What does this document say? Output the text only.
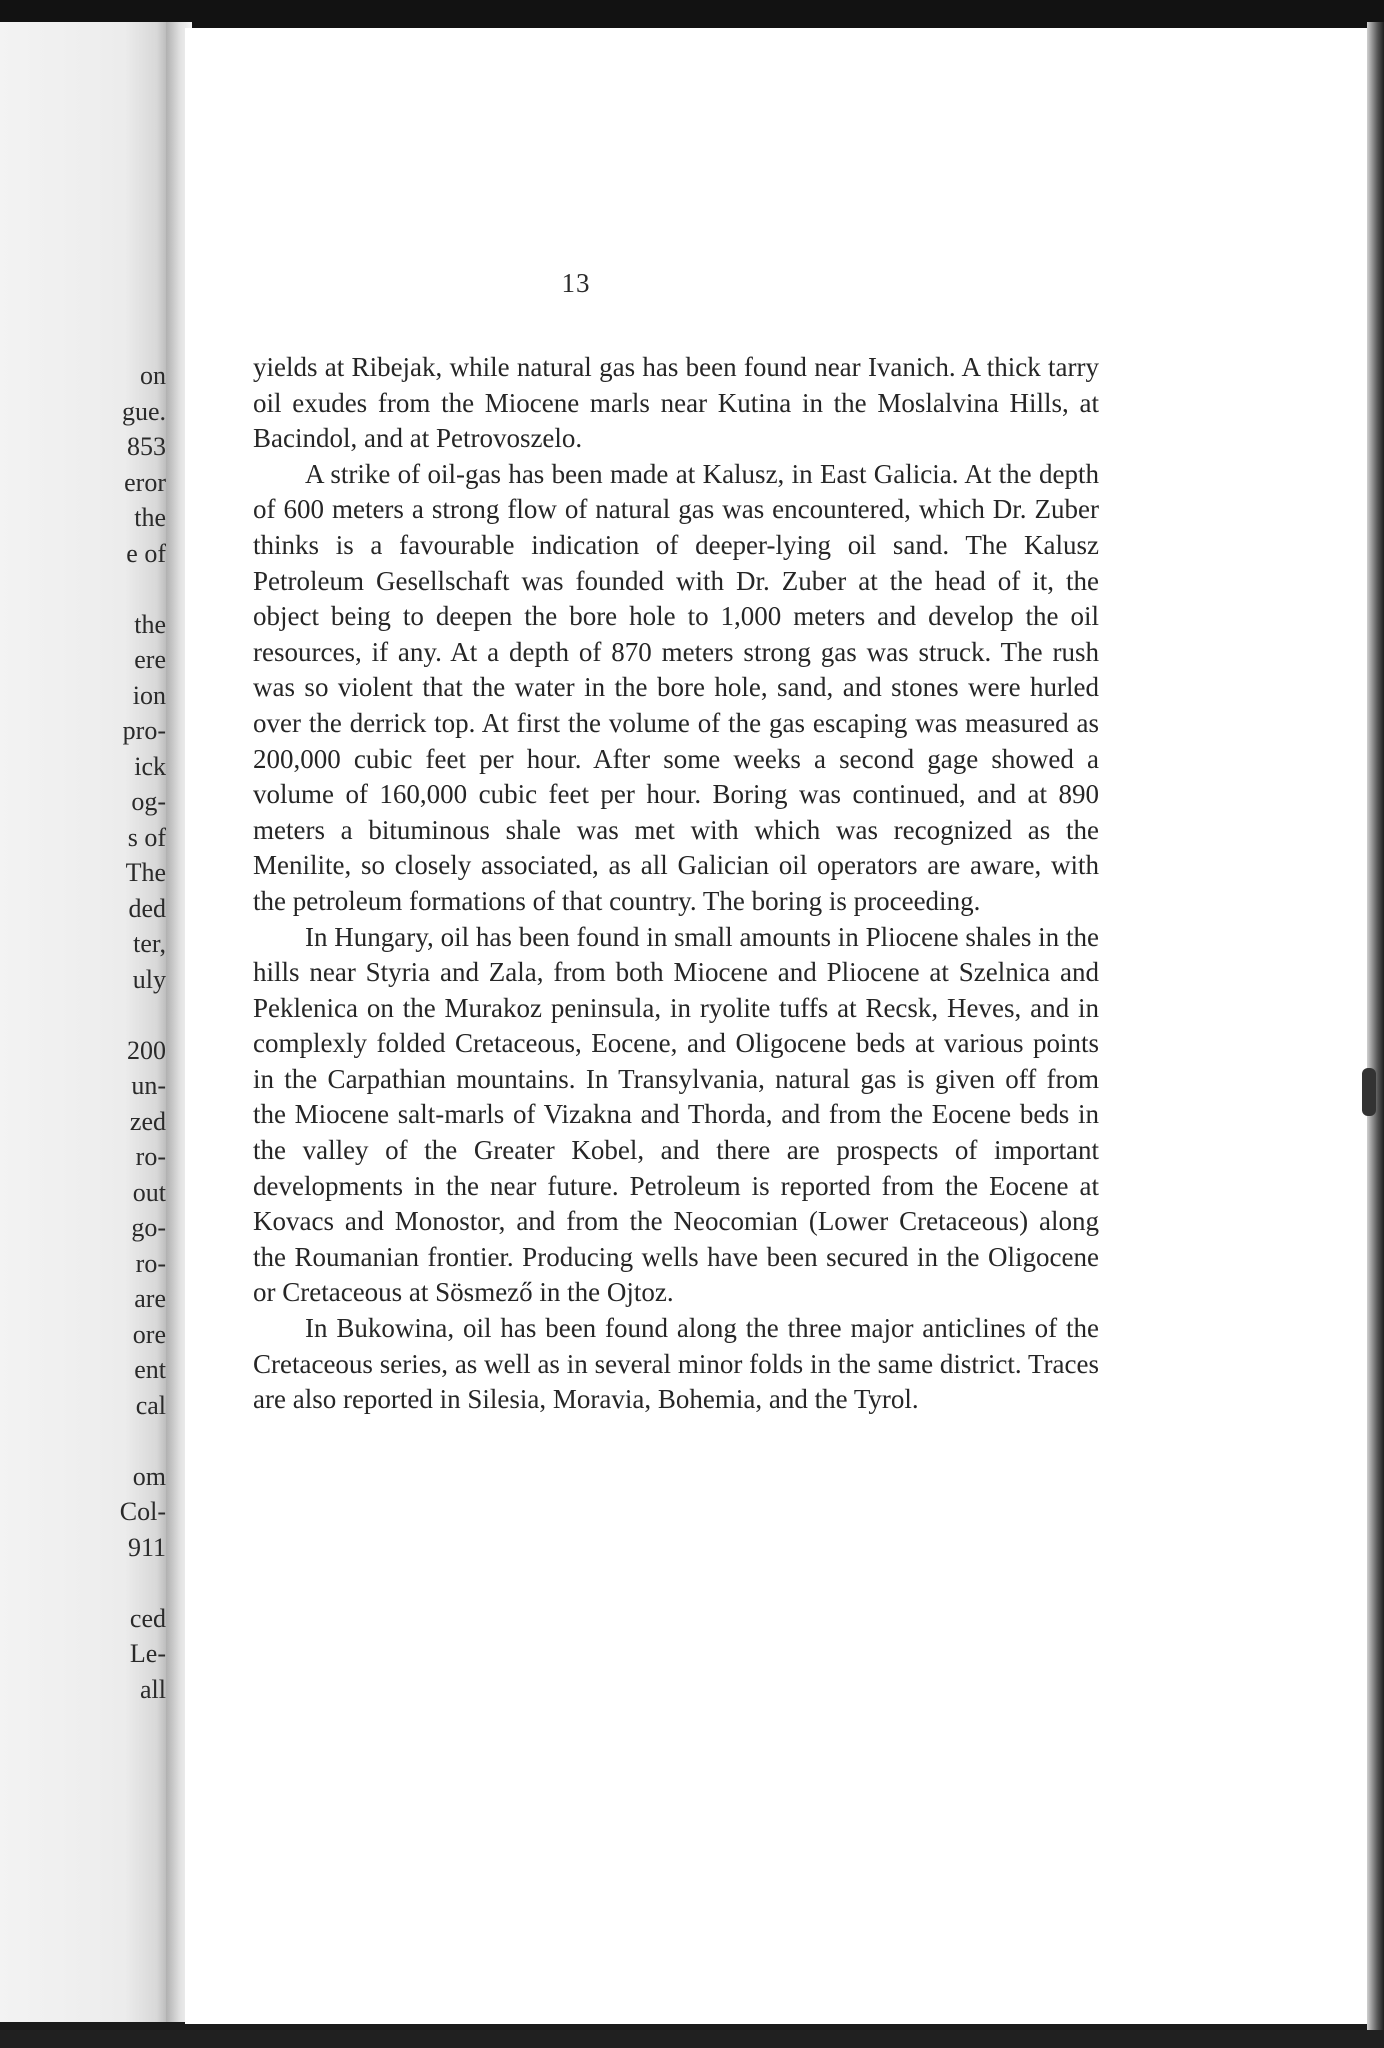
on
gue.
853
eror
the
e of
the
ere
ion
pro-
ick
og-
s of
The
ded
ter,
uly
200
un-
zed
ro-
out
go-
ro-
are
ore
ent
cal
om
Col-
911
ced
Le-
all
13

yields at Ribejak, while natural gas has been found near Ivanich. A thick tarry oil exudes from the Miocene marls near Kutina in the Moslalvina Hills, at Bacindol, and at Petrovoszelo.

A strike of oil-gas has been made at Kalusz, in East Galicia. At the depth of 600 meters a strong flow of natural gas was encountered, which Dr. Zuber thinks is a favourable indication of deeper-lying oil sand. The Kalusz Petroleum Gesellschaft was founded with Dr. Zuber at the head of it, the object being to deepen the bore hole to 1,000 meters and develop the oil resources, if any. At a depth of 870 meters strong gas was struck. The rush was so violent that the water in the bore hole, sand, and stones were hurled over the derrick top. At first the volume of the gas escaping was measured as 200,000 cubic feet per hour. After some weeks a second gage showed a volume of 160,000 cubic feet per hour. Boring was continued, and at 890 meters a bituminous shale was met with which was recognized as the Menilite, so closely associated, as all Galician oil operators are aware, with the petroleum formations of that country. The boring is proceeding.

In Hungary, oil has been found in small amounts in Pliocene shales in the hills near Styria and Zala, from both Miocene and Pliocene at Szelnica and Peklenica on the Murakoz peninsula, in ryolite tuffs at Recsk, Heves, and in complexly folded Cretaceous, Eocene, and Oligocene beds at various points in the Carpathian mountains. In Transylvania, natural gas is given off from the Miocene salt-marls of Vizakna and Thorda, and from the Eocene beds in the valley of the Greater Kobel, and there are prospects of important developments in the near future. Petroleum is reported from the Eocene at Kovacs and Monostor, and from the Neocomian (Lower Cretaceous) along the Roumanian frontier. Producing wells have been secured in the Oligocene or Cretaceous at Sösmező in the Ojtoz.

In Bukowina, oil has been found along the three major anticlines of the Cretaceous series, as well as in several minor folds in the same district. Traces are also reported in Silesia, Moravia, Bohemia, and the Tyrol.
